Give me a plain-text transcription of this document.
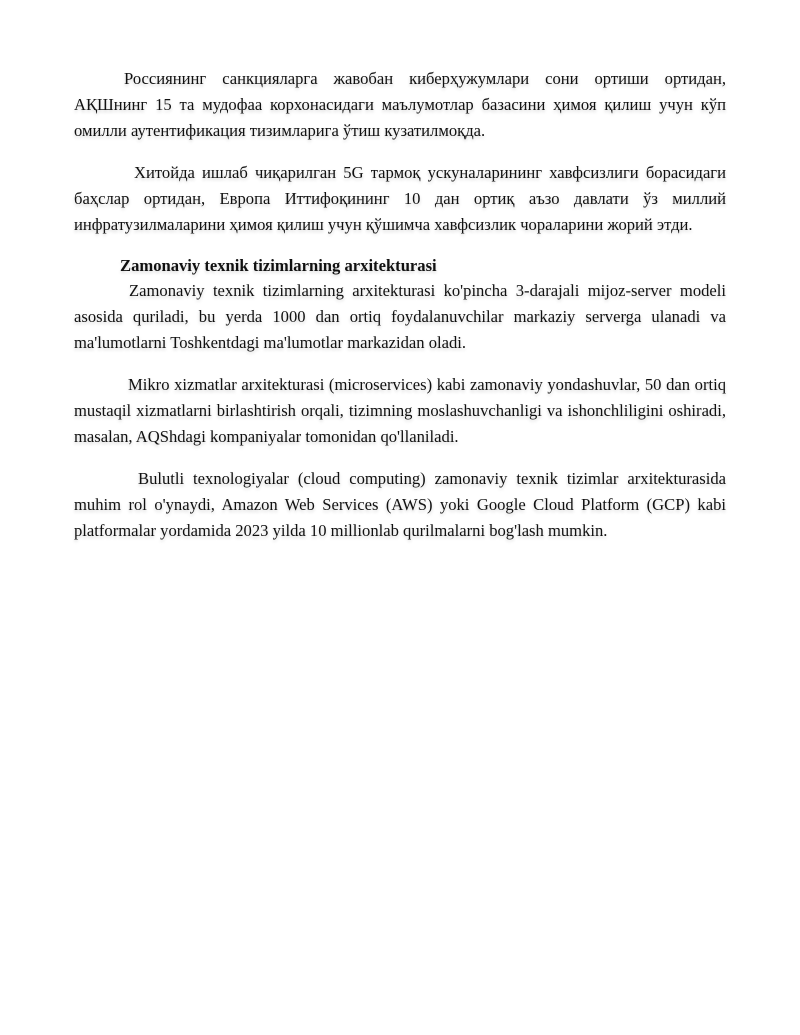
Россиянинг санкцияларга жавобан киберҳужумлари сони ортиши ортидан, АҚШнинг 15 та мудофаа корхонасидаги маълумотлар базасини ҳимоя қилиш учун кўп омилли аутентификация тизимларига ўтиш кузатилмоқда.

Хитойда ишлаб чиқарилган 5G тармоқ ускуналарининг хавфсизлиги борасидаги баҳслар ортидан, Европа Иттифоқининг 10 дан ортиқ аъзо давлати ўз миллий инфратузилмаларини ҳимоя қилиш учун қўшимча хавфсизлик чораларини жорий этди.

Zamonaviy texnik tizimlarning arxitekturasi

Zamonaviy texnik tizimlarning arxitekturasi ko'pincha 3-darajali mijoz-server modeli asosida quriladi, bu yerda 1000 dan ortiq foydalanuvchilar markaziy serverga ulanadi va ma'lumotlarni Toshkentdagi ma'lumotlar markazidan oladi.

Mikro xizmatlar arxitekturasi (microservices) kabi zamonaviy yondashuvlar, 50 dan ortiq mustaqil xizmatlarni birlashtirish orqali, tizimning moslashuvchanligi va ishonchliligini oshiradi, masalan, AQShdagi kompaniyalar tomonidan qo'llaniladi.

Bulutli texnologiyalar (cloud computing) zamonaviy texnik tizimlar arxitekturasida muhim rol o'ynaydi, Amazon Web Services (AWS) yoki Google Cloud Platform (GCP) kabi platformalar yordamida 2023 yilda 10 millionlab qurilmalarni bog'lash mumkin.
